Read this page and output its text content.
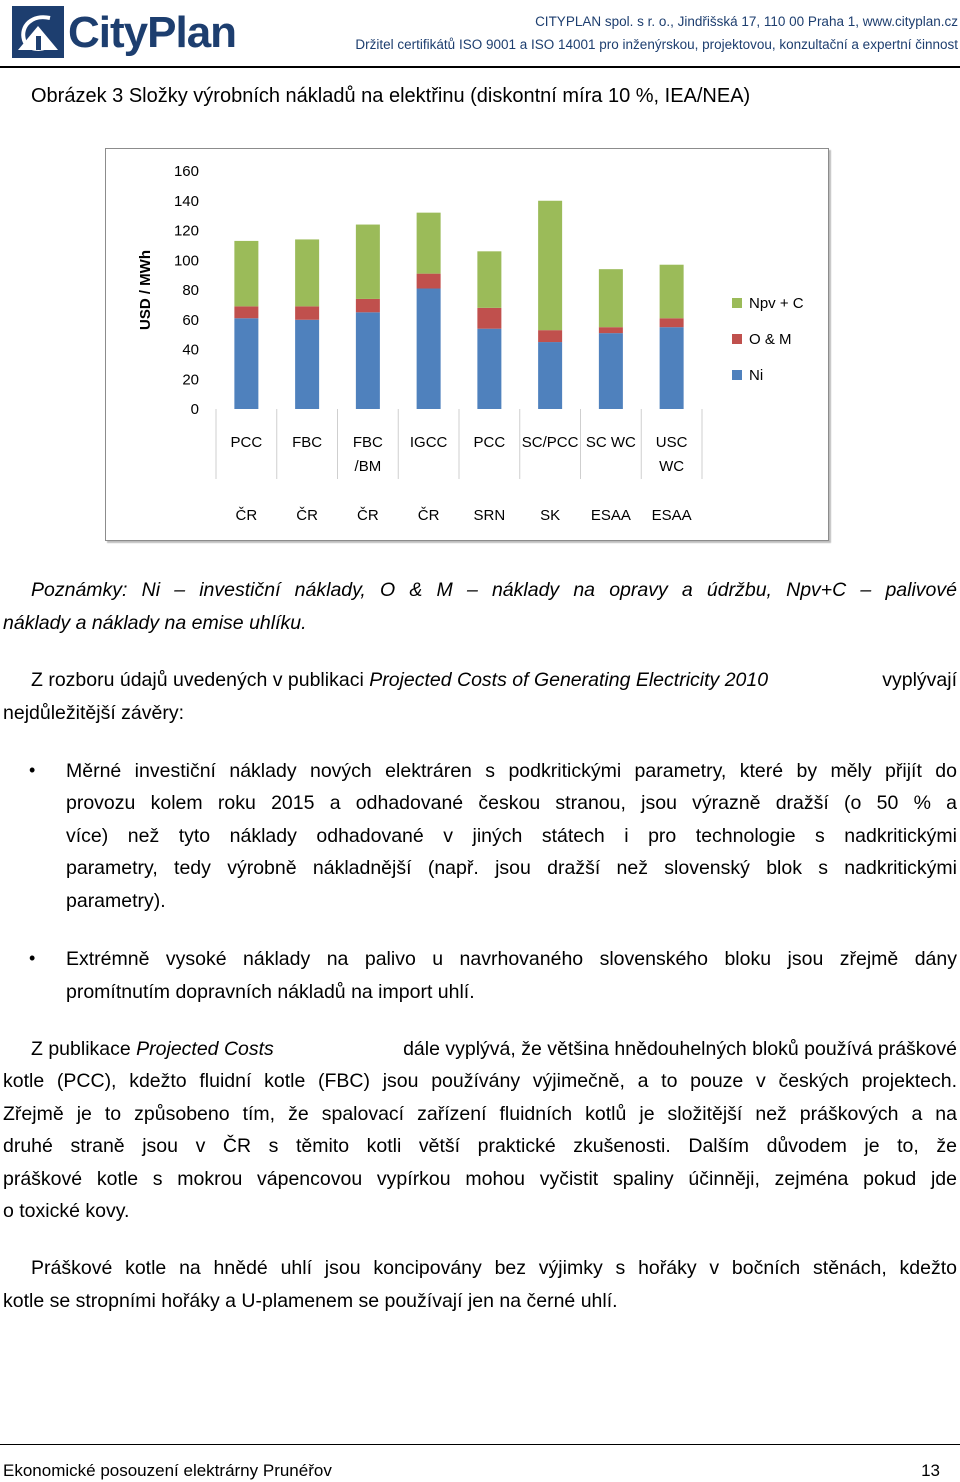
CityPlan	CITYPLAN spol. s r. o., Jindřišská 17, 110 00 Praha 1, www.cityplan.cz
Držitel certifikátů ISO 9001 a ISO 14001 pro inženýrskou, projektovou, konzultační a expertní činnost
Obrázek 3 Složky výrobních nákladů na elektřinu (diskontní míra 10 %, IEA/NEA)
0
20
40
60
80
100
120
140
160
USD / MWh
PCC
ČR
FBC
ČR
FBC
/BM
ČR
IGCC
ČR
PCC
SRN
SC/PCC
SK
SC WC
ESAA
USC
WC
ESAA
Npv + C
O & M
Ni
Poznámky: Ni – investiční náklady, O & M – náklady na opravy a údržbu, Npv+C – palivové
náklady a náklady na emise uhlíku.
Z rozboru údajů uvedených v publikaci Projected Costs of Generating Electricity 2010	vyplývají
nejdůležitější závěry:
• Měrné investiční náklady nových elektráren s podkritickými parametry, které by měly přijít do
provozu kolem roku 2015 a odhadované českou stranou, jsou výrazně dražší (o 50 % a
více) než tyto náklady odhadované v jiných státech i pro technologie s nadkritickými
parametry, tedy výrobně nákladnější (např. jsou dražší než slovenský blok s nadkritickými
parametry).
• Extrémně vysoké náklady na palivo u navrhovaného slovenského bloku jsou zřejmě dány
promítnutím dopravních nákladů na import uhlí.
Z publikace Projected Costs	dále vyplývá, že většina hnědouhelných bloků používá práškové
kotle (PCC), kdežto fluidní kotle (FBC) jsou používány výjimečně, a to pouze v českých projektech.
Zřejmě je to způsobeno tím, že spalovací zařízení fluidních kotlů je složitější než práškových a na
druhé straně jsou v ČR s těmito kotli větší praktické zkušenosti. Dalším důvodem je to, že
práškové kotle s mokrou vápencovou vypírkou mohou vyčistit spaliny účinněji, zejména pokud jde
o toxické kovy.
Práškové kotle na hnědé uhlí jsou koncipovány bez výjimky s hořáky v bočních stěnách, kdežto
kotle se stropními hořáky a U-plamenem se používají jen na černé uhlí.
Ekonomické posouzení elektrárny Prunéřov	13
